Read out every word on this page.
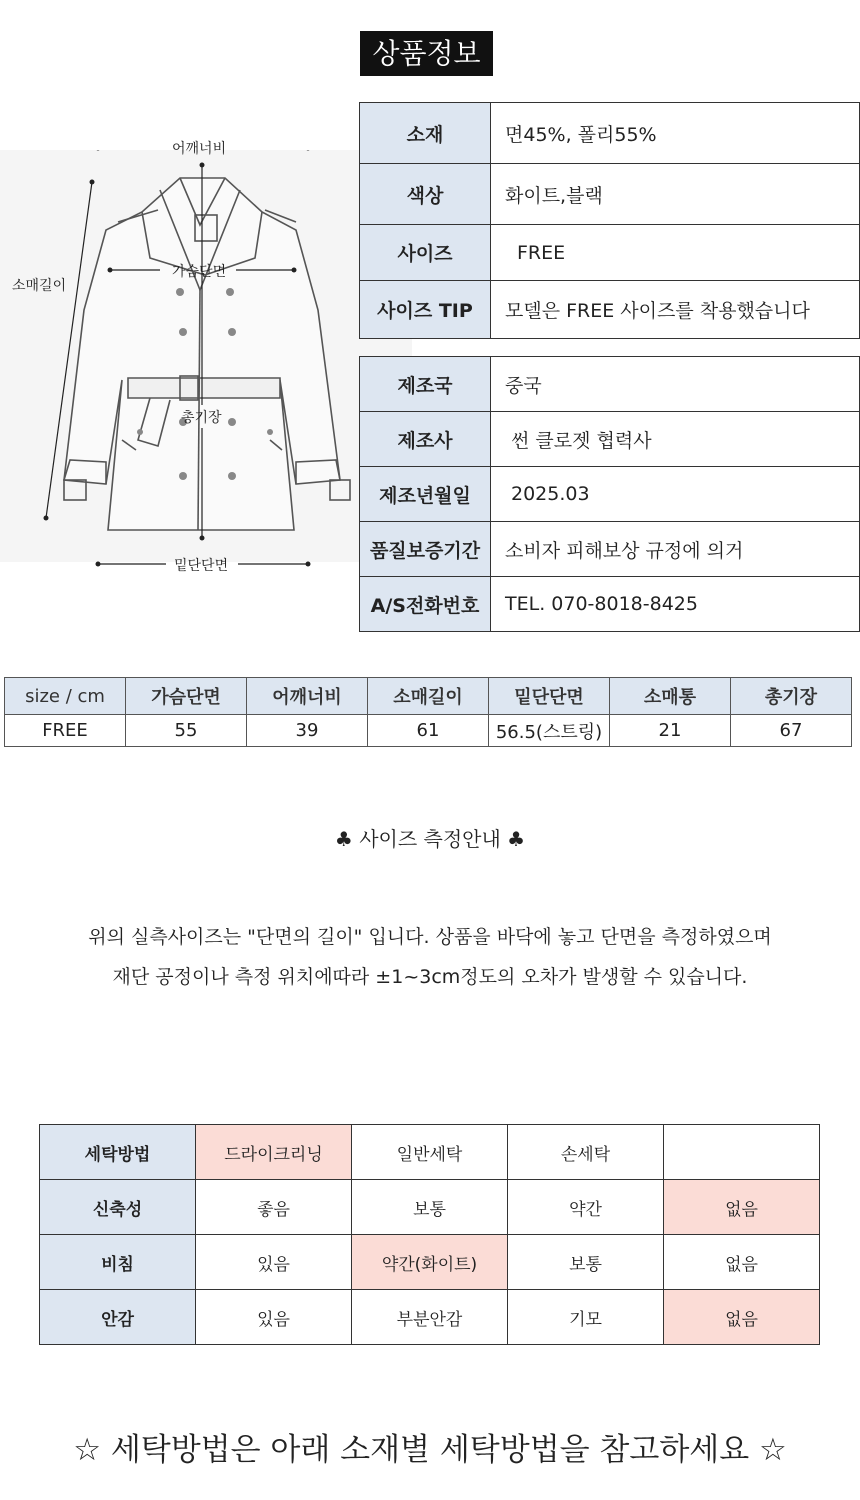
상품정보
어깨너비
가슴단면
소매길이
총기장
밑단단면
소재	면45%, 폴리55%
색상	화이트,블랙
사이즈	FREE
사이즈 TIP	모델은 FREE 사이즈를 착용했습니다
제조국	중국
제조사	썬 클로젯 협력사
제조년월일	2025.03
품질보증기간	소비자 피해보상 규정에 의거
A/S전화번호	TEL. 070-8018-8425
size / cm	가슴단면	어깨너비	소매길이	밑단단면	소매통	총기장
FREE	55	39	61	56.5(스트링)	21	67
♣ 사이즈 측정안내 ♣
위의 실측사이즈는 "단면의 길이" 입니다. 상품을 바닥에 놓고 단면을 측정하였으며
재단 공정이나 측정 위치에따라 ±1~3cm정도의 오차가 발생할 수 있습니다.
세탁방법	드라이크리닝	일반세탁	손세탁	
신축성	좋음	보통	약간	없음
비침	있음	약간(화이트)	보통	없음
안감	있음	부분안감	기모	없음
☆ 세탁방법은 아래 소재별 세탁방법을 참고하세요 ☆
